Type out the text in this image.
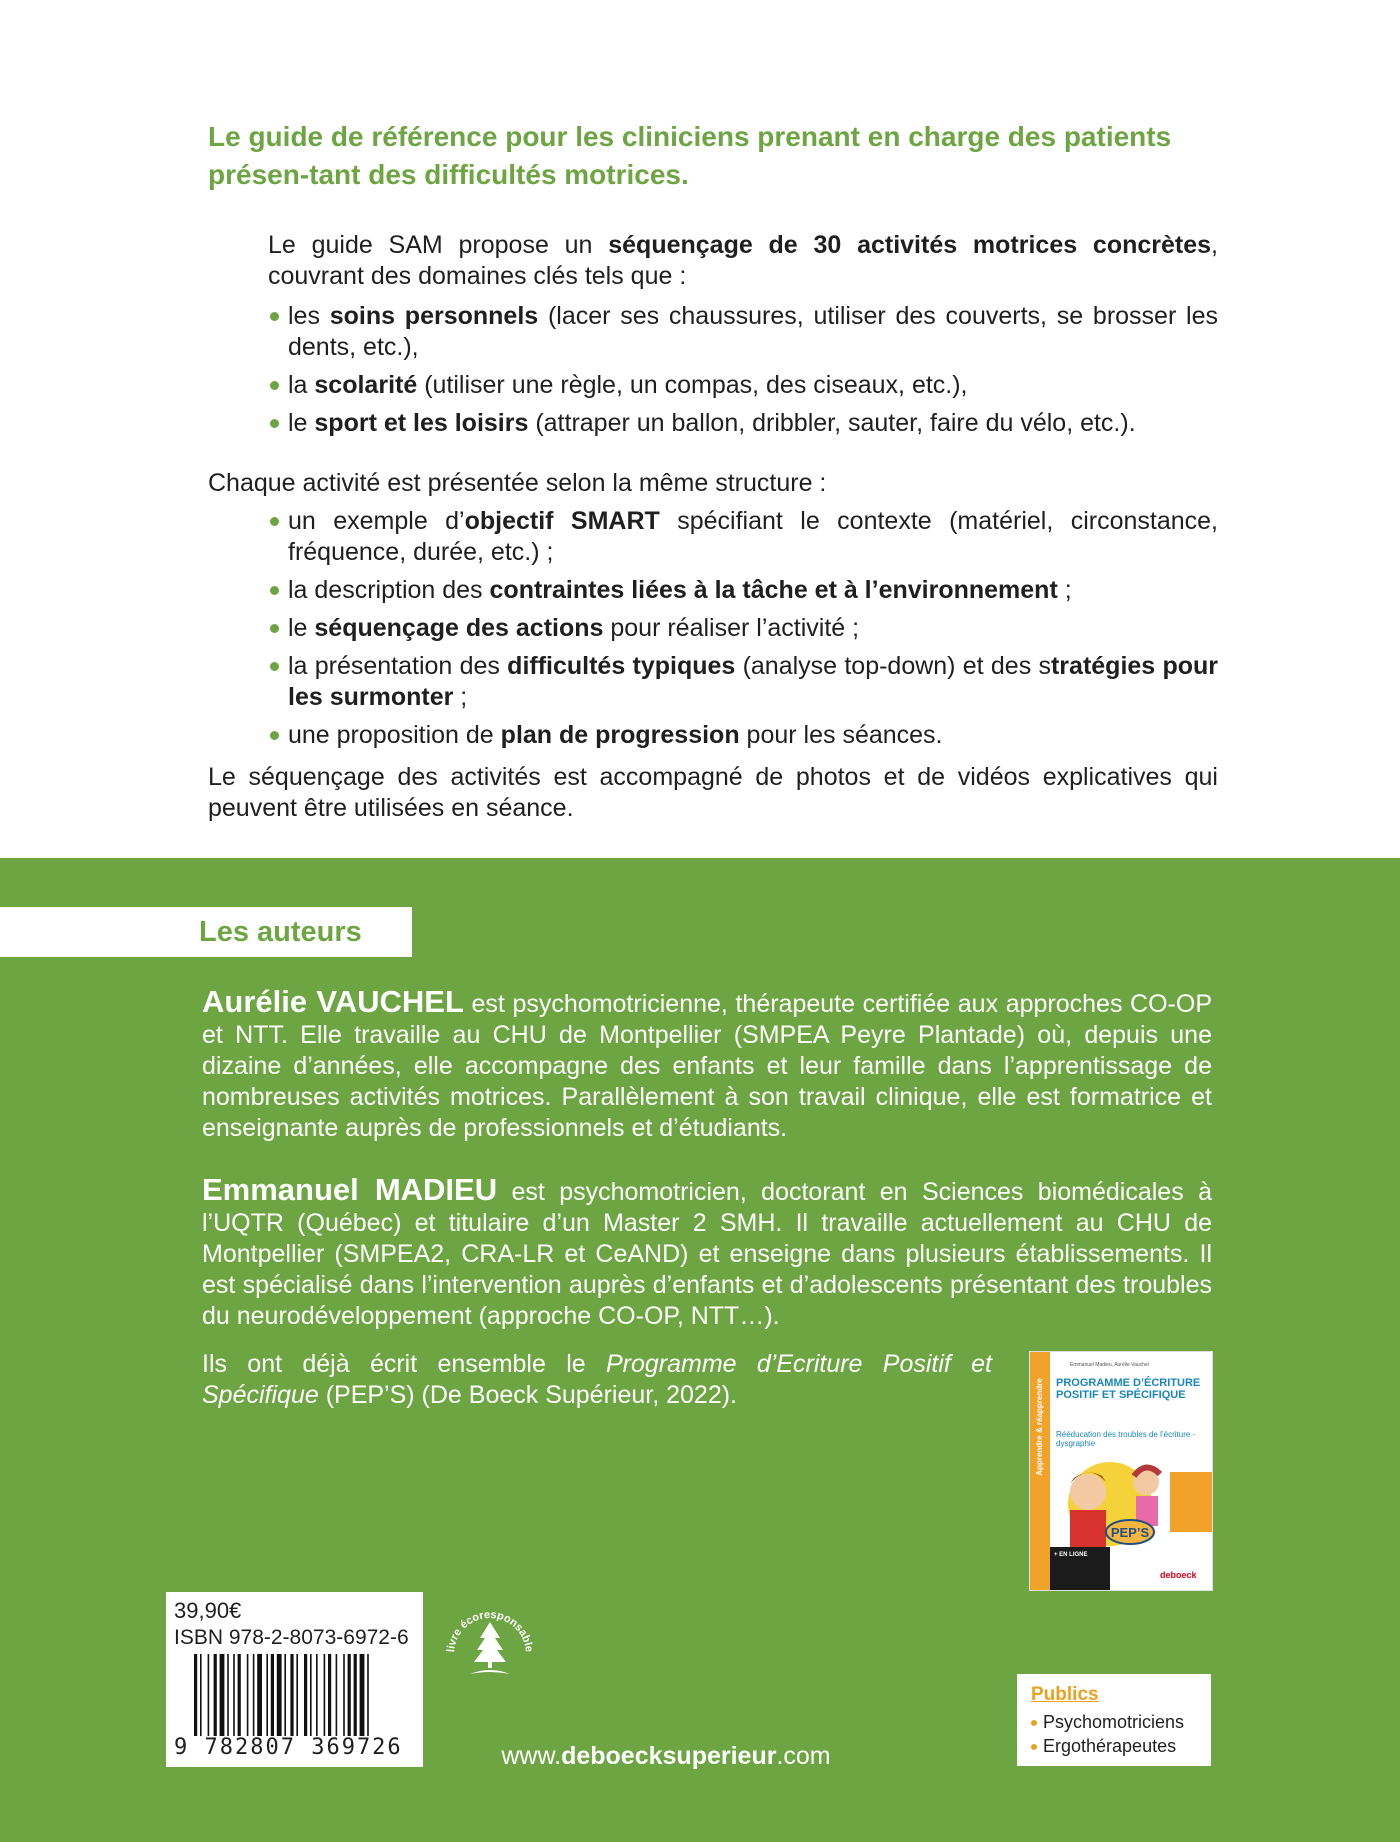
Le guide de référence pour les cliniciens prenant en charge des patients présen-tant des difficultés motrices.
Le guide SAM propose un séquençage de 30 activités motrices concrètes, couvrant des domaines clés tels que :
les soins personnels (lacer ses chaussures, utiliser des couverts, se brosser les dents, etc.),
la scolarité (utiliser une règle, un compas, des ciseaux, etc.),
le sport et les loisirs (attraper un ballon, dribbler, sauter, faire du vélo, etc.).
Chaque activité est présentée selon la même structure :
un exemple d’objectif SMART spécifiant le contexte (matériel, circonstance, fréquence, durée, etc.) ;
la description des contraintes liées à la tâche et à l’environnement ;
le séquençage des actions pour réaliser l’activité ;
la présentation des difficultés typiques (analyse top-down) et des stratégies pour les surmonter ;
une proposition de plan de progression pour les séances.
Le séquençage des activités est accompagné de photos et de vidéos explicatives qui peuvent être utilisées en séance.
Les auteurs
Aurélie VAUCHEL est psychomotricienne, thérapeute certifiée aux approches CO-OP et NTT. Elle travaille au CHU de Montpellier (SMPEA Peyre Plantade) où, depuis une dizaine d’années, elle accompagne des enfants et leur famille dans l’apprentissage de nombreuses activités motrices. Parallèlement à son travail clinique, elle est formatrice et enseignante auprès de professionnels et d’étudiants.
Emmanuel MADIEU est psychomotricien, doctorant en Sciences biomédicales à l’UQTR (Québec) et titulaire d’un Master 2 SMH. Il travaille actuellement au CHU de Montpellier (SMPEA2, CRA-LR et CeAND) et enseigne dans plusieurs établissements. Il est spécialisé dans l’intervention auprès d’enfants et d’adolescents présentant des troubles du neurodéveloppement (approche CO-OP, NTT…).
Ils ont déjà écrit ensemble le Programme d’Ecriture Positif et Spécifique (PEP’S) (De Boeck Supérieur, 2022).	Apprendre & réapprendre
Emmanuel Madieu, Aurélie Vauchel
PROGRAMME D’ÉCRITURE POSITIF ET SPÉCIFIQUE
Rééducation des troubles de l’écriture - dysgraphie
PEP’S
+ EN LIGNE
deboeck
39,90€
ISBN 978-2-8073-6972-6
9 782807 369726
livre écoresponsable
www.deboecksuperieur.com
Publics
Psychomotriciens
Ergothérapeutes
